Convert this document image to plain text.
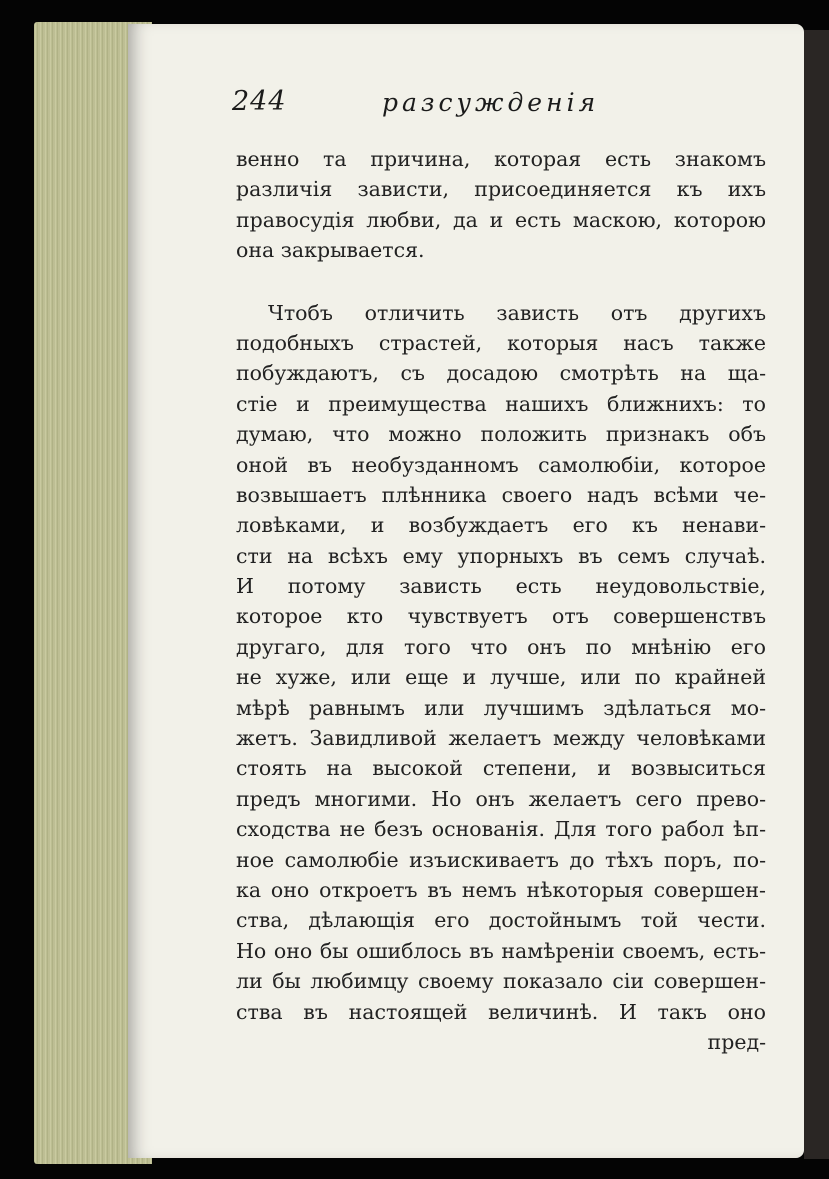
244	разсужденія
венно та причина, которая есть знакомъ
различія зависти, присоединяется къ ихъ
правосудія любви, да и есть маскою, которою
она закрывается.
Чтобъ отличить зависть отъ другихъ
подобныхъ страстей, которыя насъ также
побуждаютъ, съ досадою смотрѣть на ща-
стіе и преимущества нашихъ ближнихъ: то
думаю, что можно положить признакъ объ
оной въ необузданномъ самолюбіи, которое
возвышаетъ плѣнника своего надъ всѣми че-
ловѣками, и возбуждаетъ его къ ненави-
сти на всѣхъ ему упорныхъ въ семъ случаѣ.
И потому зависть есть неудовольствіе,
которое кто чувствуетъ отъ совершенствъ
другаго, для того что онъ по мнѣнію его
не хуже, или еще и лучше, или по крайней
мѣрѣ равнымъ или лучшимъ здѣлаться мо-
жетъ. Завидливой желаетъ между человѣками
стоять на высокой степени, и возвыситься
предъ многими. Но онъ желаетъ сего прево-
сходства не безъ основанія. Для того рабол ѣп-
ное самолюбіе изъискиваетъ до тѣхъ поръ, по-
ка оно откроетъ въ немъ нѣкоторыя совершен-
ства, дѣлающія его достойнымъ той чести.
Но оно бы ошиблось въ намѣреніи своемъ, есть-
ли бы любимцу своему показало сіи совершен-
ства въ настоящей величинѣ. И такъ оно
пред-
